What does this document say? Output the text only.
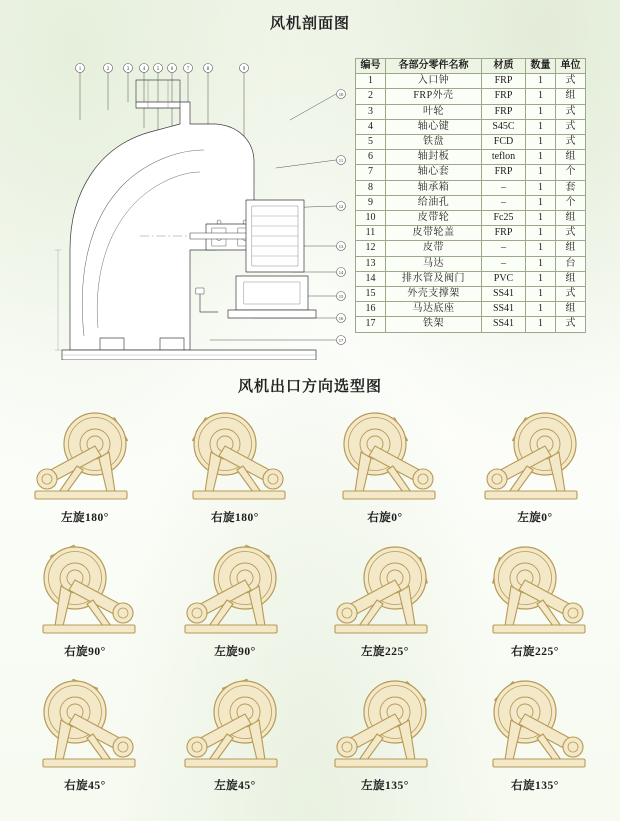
风机剖面图
1	2	3	4 5 6	7	8	9
10
11
12
13
14
15
16
17
编号	各部分零件名称	材质	数量	单位
1	入口钟	FRP	1	式
2	FRP外壳	FRP	1	组
3	叶轮	FRP	1	式
4	轴心键	S45C	1	式
5	铁盘	FCD	1	式
6	轴封板	teflon	1	组
7	轴心套	FRP	1	个
8	轴承箱	–	1	套
9	给油孔	–	1	个
10	皮带轮	Fc25	1	组
11	皮带轮盖	FRP	1	式
12	皮带	–	1	组
13	马达	–	1	台
14	排水管及阀门	PVC	1	组
15	外壳支撑架	SS41	1	式
16	马达底座	SS41	1	组
17	铁架	SS41	1	式
风机出口方向选型图
左旋180°	右旋180°	右旋0°	左旋0°
右旋90°	左旋90°	左旋225°	右旋225°
右旋45°	左旋45°	左旋135°	右旋135°
